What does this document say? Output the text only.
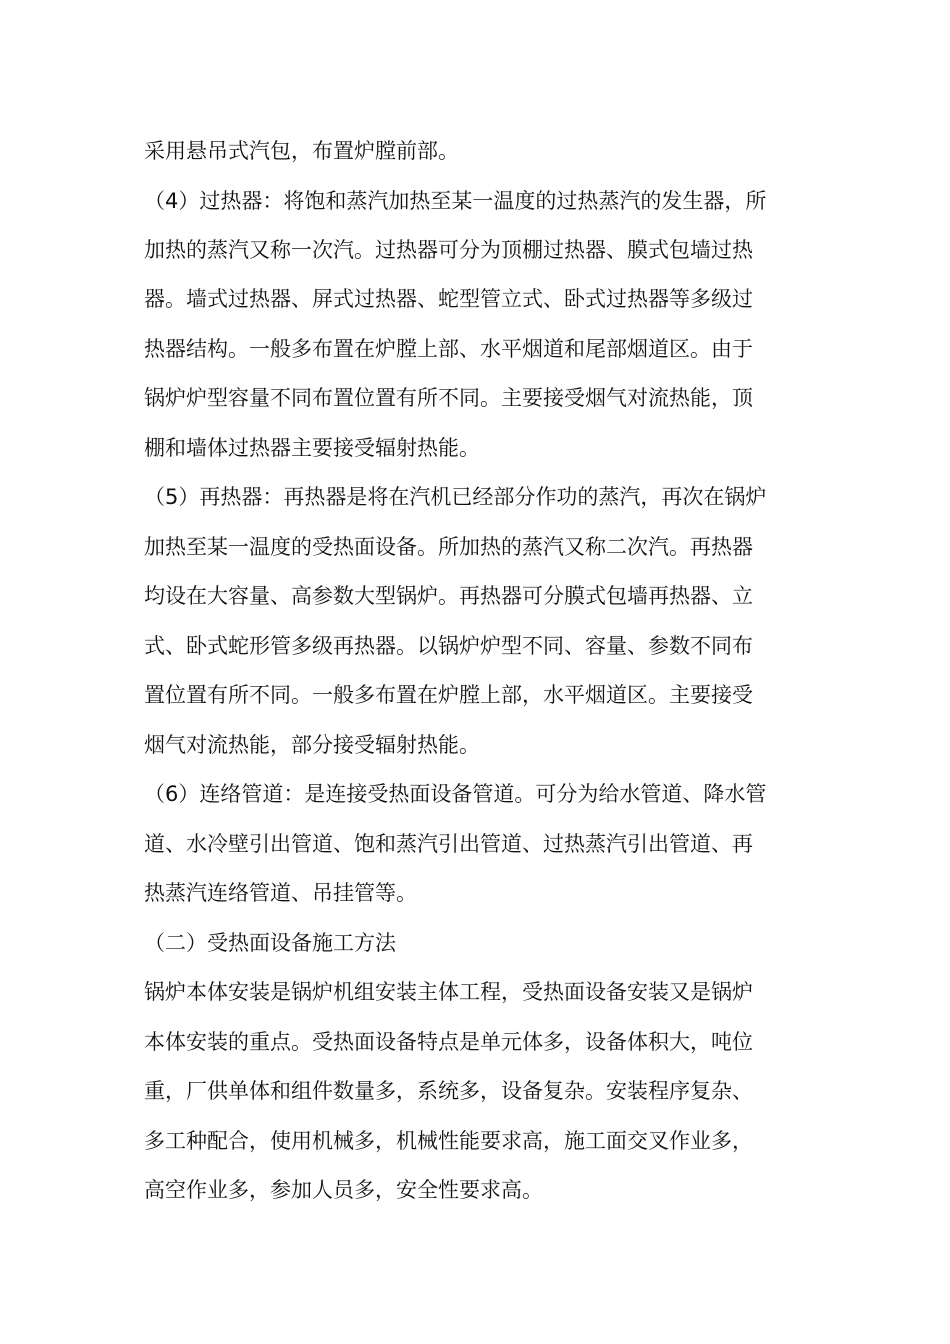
采用悬吊式汽包，布置炉膛前部。
（4）过热器：将饱和蒸汽加热至某一温度的过热蒸汽的发生器，所
加热的蒸汽又称一次汽。过热器可分为顶棚过热器、膜式包墙过热
器。墙式过热器、屏式过热器、蛇型管立式、卧式过热器等多级过
热器结构。一般多布置在炉膛上部、水平烟道和尾部烟道区。由于
锅炉炉型容量不同布置位置有所不同。主要接受烟气对流热能，顶
棚和墙体过热器主要接受辐射热能。
（5）再热器：再热器是将在汽机已经部分作功的蒸汽，再次在锅炉
加热至某一温度的受热面设备。所加热的蒸汽又称二次汽。再热器
均设在大容量、高参数大型锅炉。再热器可分膜式包墙再热器、立
式、卧式蛇形管多级再热器。以锅炉炉型不同、容量、参数不同布
置位置有所不同。一般多布置在炉膛上部，水平烟道区。主要接受
烟气对流热能，部分接受辐射热能。
（6）连络管道：是连接受热面设备管道。可分为给水管道、降水管
道、水冷壁引出管道、饱和蒸汽引出管道、过热蒸汽引出管道、再
热蒸汽连络管道、吊挂管等。
（二）受热面设备施工方法
锅炉本体安装是锅炉机组安装主体工程，受热面设备安装又是锅炉
本体安装的重点。受热面设备特点是单元体多，设备体积大，吨位
重，厂供单体和组件数量多，系统多，设备复杂。安装程序复杂、
多工种配合，使用机械多，机械性能要求高，施工面交叉作业多，
高空作业多，参加人员多，安全性要求高。
